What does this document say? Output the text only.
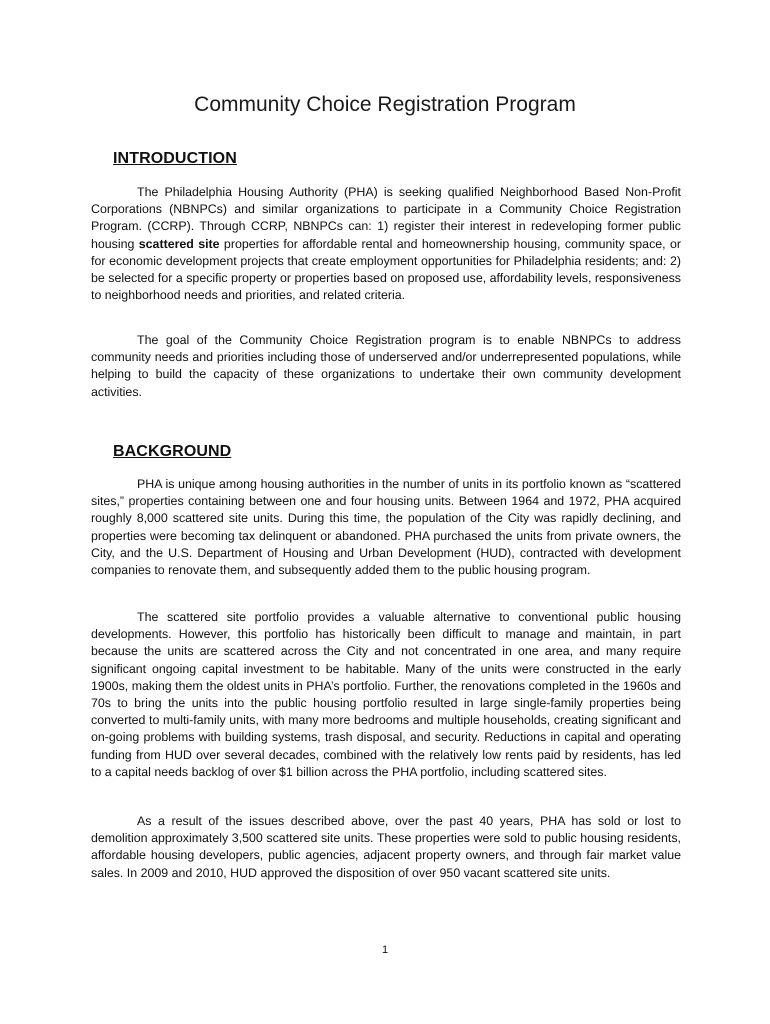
Community Choice Registration Program
INTRODUCTION

The Philadelphia Housing Authority (PHA) is seeking qualified Neighborhood Based Non-Profit Corporations (NBNPCs) and similar organizations to participate in a Community Choice Registration Program. (CCRP). Through CCRP, NBNPCs can: 1) register their interest in redeveloping former public housing scattered site properties for affordable rental and homeownership housing, community space, or for economic development projects that create employment opportunities for Philadelphia residents; and: 2) be selected for a specific property or properties based on proposed use, affordability levels, responsiveness to neighborhood needs and priorities, and related criteria.

The goal of the Community Choice Registration program is to enable NBNPCs to address community needs and priorities including those of underserved and/or underrepresented populations, while helping to build the capacity of these organizations to undertake their own community development activities.

BACKGROUND

PHA is unique among housing authorities in the number of units in its portfolio known as “scattered sites,” properties containing between one and four housing units. Between 1964 and 1972, PHA acquired roughly 8,000 scattered site units. During this time, the population of the City was rapidly declining, and properties were becoming tax delinquent or abandoned. PHA purchased the units from private owners, the City, and the U.S. Department of Housing and Urban Development (HUD), contracted with development companies to renovate them, and subsequently added them to the public housing program.

The scattered site portfolio provides a valuable alternative to conventional public housing developments. However, this portfolio has historically been difficult to manage and maintain, in part because the units are scattered across the City and not concentrated in one area, and many require significant ongoing capital investment to be habitable. Many of the units were constructed in the early 1900s, making them the oldest units in PHA’s portfolio. Further, the renovations completed in the 1960s and 70s to bring the units into the public housing portfolio resulted in large single-family properties being converted to multi-family units, with many more bedrooms and multiple households, creating significant and on-going problems with building systems, trash disposal, and security. Reductions in capital and operating funding from HUD over several decades, combined with the relatively low rents paid by residents, has led to a capital needs backlog of over $1 billion across the PHA portfolio, including scattered sites.

As a result of the issues described above, over the past 40 years, PHA has sold or lost to demolition approximately 3,500 scattered site units. These properties were sold to public housing residents, affordable housing developers, public agencies, adjacent property owners, and through fair market value sales. In 2009 and 2010, HUD approved the disposition of over 950 vacant scattered site units.

1
